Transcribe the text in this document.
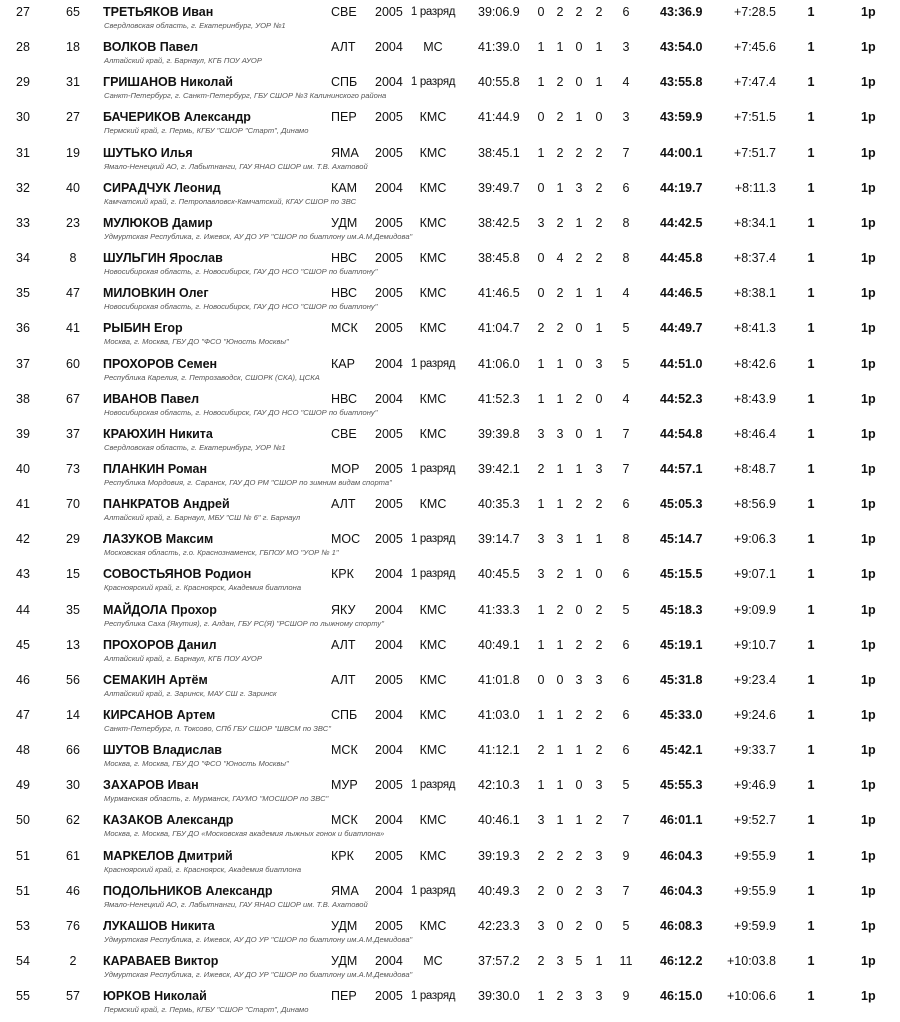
27	65	ТРЕТЬЯКОВ Иван
Свердловская область, г. Екатеринбург, УОР №1
СВЕ 2005 1 разряд	39:06.9 0 2 2 2	6	43:36.9	+7:28.5	1	1р
28	18	ВОЛКОВ Павел
Алтайский край, г. Барнаул, КГБ ПОУ АУОР
АЛТ 2004	МС	41:39.0 1 1 0 1	3	43:54.0	+7:45.6	1	1р
29	31	ГРИШАНОВ Николай
Санкт-Петербург, г. Санкт-Петербург, ГБУ СШОР №3 Калининского района
СПБ 2004 1 разряд	40:55.8 1 2 0 1	4	43:55.8	+7:47.4	1	1р
30	27	БАЧЕРИКОВ Александр
Пермский край, г. Пермь, КГБУ "СШОР "Старт", Динамо
ПЕР 2005	КМС	41:44.9 0 2 1 0	3	43:59.9	+7:51.5	1	1р
31	19	ШУТЬКО Илья
Ямало-Ненецкий АО, г. Лабытнанги, ГАУ ЯНАО СШОР им. Т.В. Ахатовой
ЯМА 2005	КМС	38:45.1 1 2 2 2	7	44:00.1	+7:51.7	1	1р
32	40	СИРАДЧУК Леонид
Камчатский край, г. Петропавловск-Камчатский, КГАУ СШОР по ЗВС
КАМ 2004	КМС	39:49.7 0 1 3 2	6	44:19.7	+8:11.3	1	1р
33	23	МУЛЮКОВ Дамир
Удмуртская Республика, г. Ижевск, АУ ДО УР "СШОР по биатлону им.А.М.Демидова"
УДМ 2005	КМС	38:42.5 3 2 1 2	8	44:42.5	+8:34.1	1	1р
34	8	ШУЛЬГИН Ярослав
Новосибирская область, г. Новосибирск, ГАУ ДО НСО "СШОР по биатлону"
НВС 2005	КМС	38:45.8 0 4 2 2	8	44:45.8	+8:37.4	1	1р
35	47	МИЛОВКИН Олег
Новосибирская область, г. Новосибирск, ГАУ ДО НСО "СШОР по биатлону"
НВС 2005	КМС	41:46.5 0 2 1 1	4	44:46.5	+8:38.1	1	1р
36	41	РЫБИН Егор
Москва, г. Москва, ГБУ ДО "ФСО "Юность Москвы"
МСК 2005	КМС	41:04.7 2 2 0 1	5	44:49.7	+8:41.3	1	1р
37	60	ПРОХОРОВ Семен
Республика Карелия, г. Петрозаводск, СШОРК (СКА), ЦСКА
КАР 2004 1 разряд	41:06.0 1 1 0 3	5	44:51.0	+8:42.6	1	1р
38	67	ИВАНОВ Павел
Новосибирская область, г. Новосибирск, ГАУ ДО НСО "СШОР по биатлону"
НВС 2004	КМС	41:52.3 1 1 2 0	4	44:52.3	+8:43.9	1	1р
39	37	КРАЮХИН Никита
Свердловская область, г. Екатеринбург, УОР №1
СВЕ 2005	КМС	39:39.8 3 3 0 1	7	44:54.8	+8:46.4	1	1р
40	73	ПЛАНКИН Роман
Республика Мордовия, г. Саранск, ГАУ ДО РМ "СШОР по зимним видам спорта"
МОР 2005 1 разряд	39:42.1 2 1 1 3	7	44:57.1	+8:48.7	1	1р
41	70	ПАНКРАТОВ Андрей
Алтайский край, г. Барнаул, МБУ "СШ № 6" г. Барнаул
АЛТ 2005	КМС	40:35.3 1 1 2 2	6	45:05.3	+8:56.9	1	1р
42	29	ЛАЗУКОВ Максим
Московская область, г.о. Краснознаменск, ГБПОУ МО "УОР № 1"
МОС 2005 1 разряд	39:14.7 3 3 1 1	8	45:14.7	+9:06.3	1	1р
43	15	СОВОСТЬЯНОВ Родион
Красноярский край, г. Красноярск, Академия биатлона
КРК 2004 1 разряд	40:45.5 3 2 1 0	6	45:15.5	+9:07.1	1	1р
44	35	МАЙДОЛА Прохор
Республика Саха (Якутия), г. Алдан, ГБУ РС(Я) "РСШОР по лыжному спорту"
ЯКУ 2004	КМС	41:33.3 1 2 0 2	5	45:18.3	+9:09.9	1	1р
45	13	ПРОХОРОВ Данил
Алтайский край, г. Барнаул, КГБ ПОУ АУОР
АЛТ 2004	КМС	40:49.1 1 1 2 2	6	45:19.1	+9:10.7	1	1р
46	56	СЕМАКИН Артём
Алтайский край, г. Заринск, МАУ СШ г. Заринск
АЛТ 2005	КМС	41:01.8 0 0 3 3	6	45:31.8	+9:23.4	1	1р
47	14	КИРСАНОВ Артем
Санкт-Петербург, п. Токсово, СПб ГБУ СШОР "ШВСМ по ЗВС"
СПБ 2004	КМС	41:03.0 1 1 2 2	6	45:33.0	+9:24.6	1	1р
48	66	ШУТОВ Владислав
Москва, г. Москва, ГБУ ДО "ФСО "Юность Москвы"
МСК 2004	КМС	41:12.1 2 1 1 2	6	45:42.1	+9:33.7	1	1р
49	30	ЗАХАРОВ Иван
Мурманская область, г. Мурманск, ГАУМО "МОСШОР по ЗВС"
МУР 2005 1 разряд	42:10.3 1 1 0 3	5	45:55.3	+9:46.9	1	1р
50	62	КАЗАКОВ Александр
Москва, г. Москва, ГБУ ДО «Московская академия лыжных гонок и биатлона»
МСК 2004	КМС	40:46.1 3 1 1 2	7	46:01.1	+9:52.7	1	1р
51	61	МАРКЕЛОВ Дмитрий
Красноярский край, г. Красноярск, Академия биатлона
КРК 2005	КМС	39:19.3 2 2 2 3	9	46:04.3	+9:55.9	1	1р
51	46	ПОДОЛЬНИКОВ Александр
Ямало-Ненецкий АО, г. Лабытнанги, ГАУ ЯНАО СШОР им. Т.В. Ахатовой
ЯМА 2004 1 разряд	40:49.3 2 0 2 3	7	46:04.3	+9:55.9	1	1р
53	76	ЛУКАШОВ Никита
Удмуртская Республика, г. Ижевск, АУ ДО УР "СШОР по биатлону им.А.М.Демидова"
УДМ 2005	КМС	42:23.3 3 0 2 0	5	46:08.3	+9:59.9	1	1р
54	2	КАРАВАЕВ Виктор
Удмуртская Республика, г. Ижевск, АУ ДО УР "СШОР по биатлону им.А.М.Демидова"
УДМ 2004	МС	37:57.2 2 3 5 1	11	46:12.2	+10:03.8	1	1р
55	57	ЮРКОВ Николай
Пермский край, г. Пермь, КГБУ "СШОР "Старт", Динамо
ПЕР 2005 1 разряд	39:30.0 1 2 3 3	9	46:15.0	+10:06.6	1	1р
